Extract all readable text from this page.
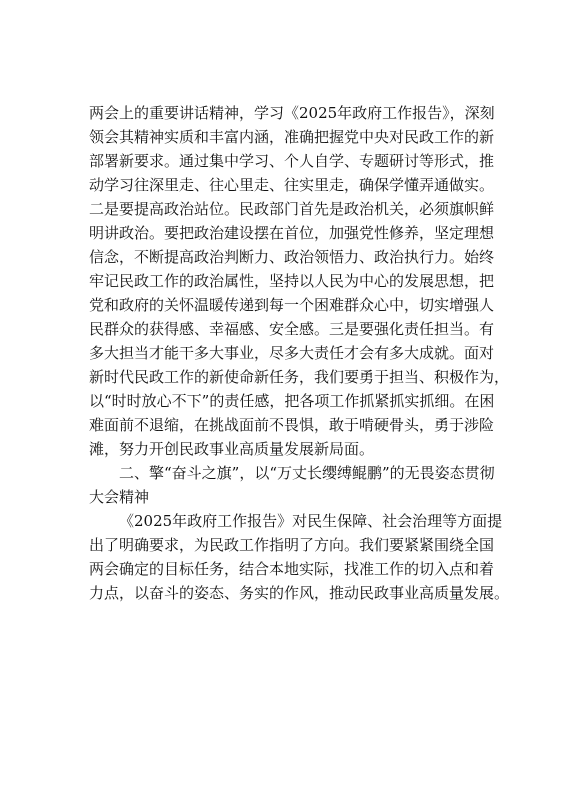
两会上的重要讲话精神，学习《2025年政府工作报告》，深刻
领会其精神实质和丰富内涵，准确把握党中央对民政工作的新
部署新要求。通过集中学习、个人自学、专题研讨等形式，推
动学习往深里走、往心里走、往实里走，确保学懂弄通做实。
二是要提高政治站位。民政部门首先是政治机关，必须旗帜鲜
明讲政治。要把政治建设摆在首位，加强党性修养，坚定理想
信念，不断提高政治判断力、政治领悟力、政治执行力。始终
牢记民政工作的政治属性，坚持以人民为中心的发展思想，把
党和政府的关怀温暖传递到每一个困难群众心中，切实增强人
民群众的获得感、幸福感、安全感。三是要强化责任担当。有
多大担当才能干多大事业，尽多大责任才会有多大成就。面对
新时代民政工作的新使命新任务，我们要勇于担当、积极作为，
以“时时放心不下”的责任感，把各项工作抓紧抓实抓细。在困
难面前不退缩，在挑战面前不畏惧，敢于啃硬骨头，勇于涉险
滩，努力开创民政事业高质量发展新局面。
二、擎“奋斗之旗”，以“万丈长缨缚鲲鹏”的无畏姿态贯彻
大会精神
《2025年政府工作报告》对民生保障、社会治理等方面提
出了明确要求，为民政工作指明了方向。我们要紧紧围绕全国
两会确定的目标任务，结合本地实际，找准工作的切入点和着
力点，以奋斗的姿态、务实的作风，推动民政事业高质量发展。
